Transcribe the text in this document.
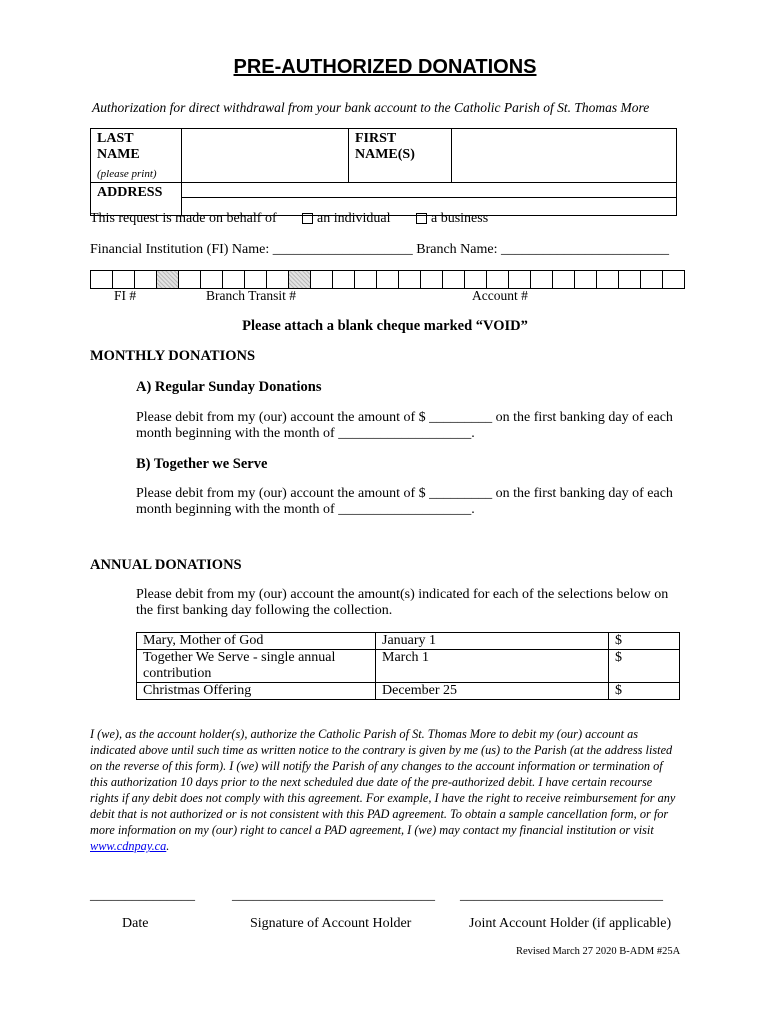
PRE-AUTHORIZED DONATIONS
Authorization for direct withdrawal from your bank account to the Catholic Parish of St. Thomas More
LAST NAME
(please print)		FIRST NAME(S)	

ADDRESS			
This request is made on behalf of	an individual	a business
Financial Institution (FI) Name: ____________________ Branch Name: ________________________

FI #	Branch Transit #	Account #
Please attach a blank cheque marked “VOID”
MONTHLY DONATIONS
A) Regular Sunday Donations
Please debit from my (our) account the amount of $ _________ on the first banking day of each
month beginning with the month of ___________________.
B) Together we Serve
Please debit from my (our) account the amount of $ _________ on the first banking day of each
month beginning with the month of ___________________.
ANNUAL DONATIONS
Please debit from my (our) account the amount(s) indicated for each of the selections below on
the first banking day following the collection.
Mary, Mother of God	January 1	$
Together We Serve - single annual contribution	March 1	$
Christmas Offering	December 25	$
I (we), as the account holder(s), authorize the Catholic Parish of St. Thomas More to debit my (our) account as indicated above until such time as written notice to the contrary is given by me (us) to the Parish (at the address listed on the reverse of this form). I (we) will notify the Parish of any changes to the account information or termination of this authorization 10 days prior to the next scheduled due date of the pre-authorized debit. I have certain recourse rights if any debit does not comply with this agreement. For example, I have the right to receive reimbursement for any debit that is not authorized or is not consistent with this PAD agreement. To obtain a sample cancellation form, or for more information on my (our) right to cancel a PAD agreement, I (we) may contact my financial institution or visit www.cdnpay.ca.
_______________	_____________________________ _____________________________
Date	Signature of Account Holder	Joint Account Holder (if applicable)
Revised March 27 2020 B-ADM #25A
